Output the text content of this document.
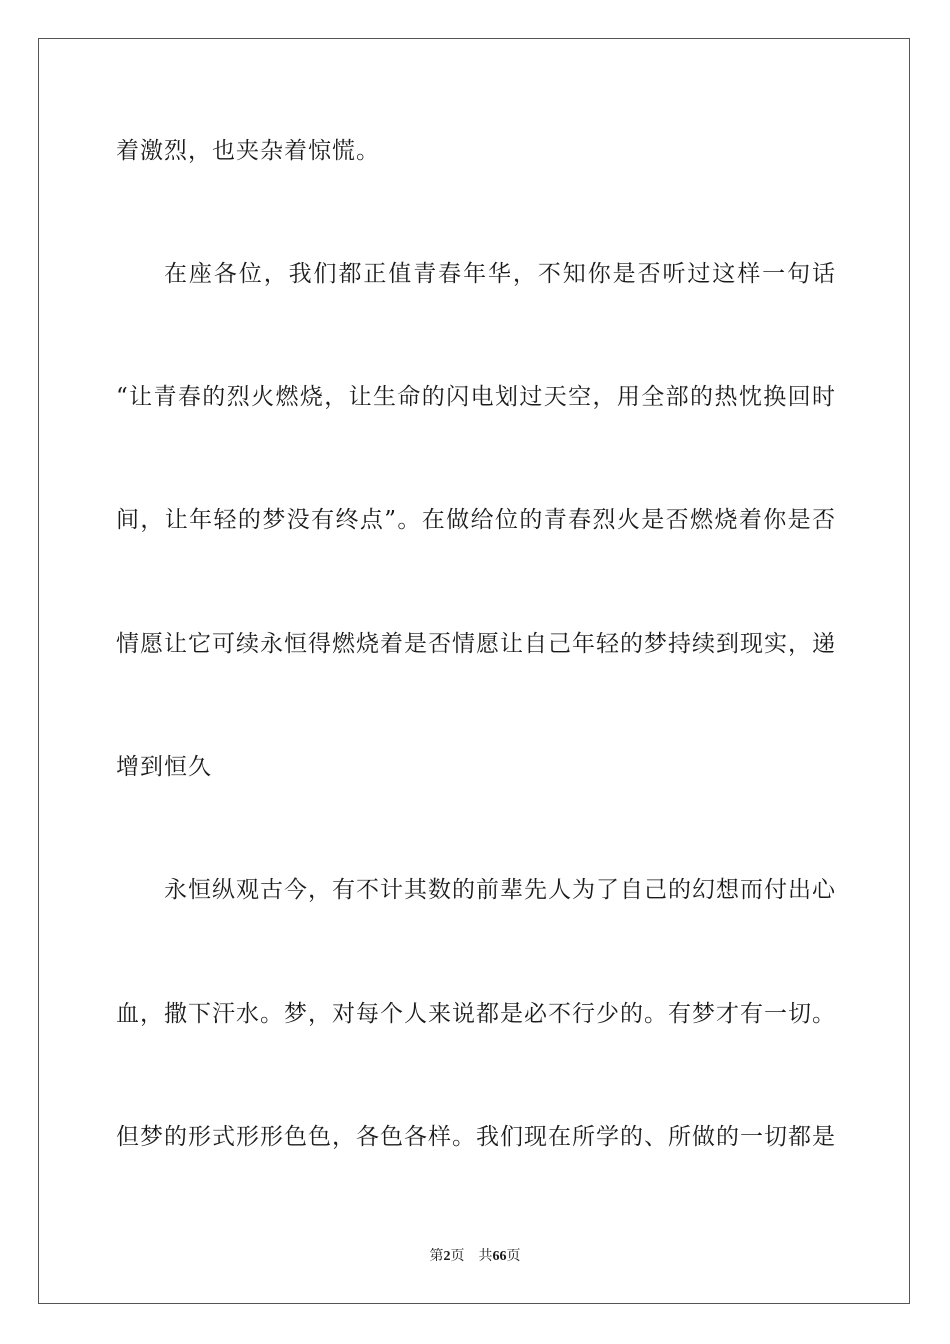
着激烈，也夹杂着惊慌。
在座各位，我们都正值青春年华，不知你是否听过这样一句话
“让青春的烈火燃烧，让生命的闪电划过天空，用全部的热忱换回时
间，让年轻的梦没有终点”。在做给位的青春烈火是否燃烧着你是否
情愿让它可续永恒得燃烧着是否情愿让自己年轻的梦持续到现实，递
增到恒久
永恒纵观古今，有不计其数的前辈先人为了自己的幻想而付出心
血，撒下汗水。梦，对每个人来说都是必不行少的。有梦才有一切。
但梦的形式形形色色，各色各样。我们现在所学的、所做的一切都是
第2页　共66页
